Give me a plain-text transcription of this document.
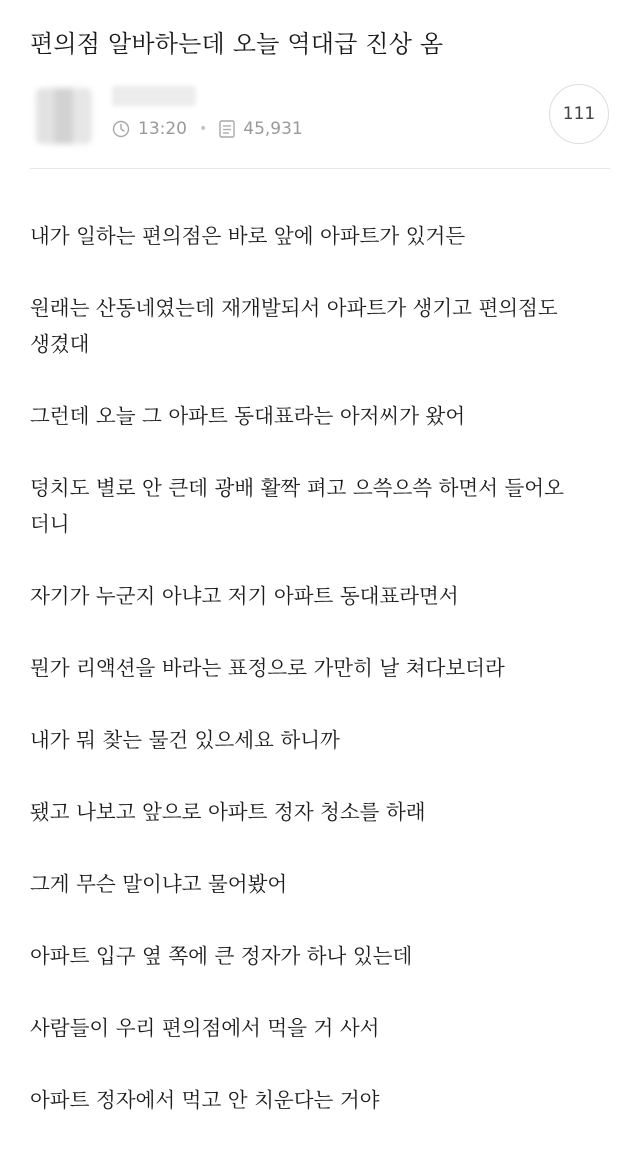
편의점 알바하는데 오늘 역대급 진상 옴
13:20 • 45,931
111

내가 일하는 편의점은 바로 앞에 아파트가 있거든

원래는 산동네였는데 재개발되서 아파트가 생기고 편의점도
생겼대

그런데 오늘 그 아파트 동대표라는 아저씨가 왔어

덩치도 별로 안 큰데 광배 활짝 펴고 으쓱으쓱 하면서 들어오
더니

자기가 누군지 아냐고 저기 아파트 동대표라면서

뭔가 리액션을 바라는 표정으로 가만히 날 쳐다보더라

내가 뭐 찾는 물건 있으세요 하니까

됐고 나보고 앞으로 아파트 정자 청소를 하래

그게 무슨 말이냐고 물어봤어

아파트 입구 옆 쪽에 큰 정자가 하나 있는데

사람들이 우리 편의점에서 먹을 거 사서

아파트 정자에서 먹고 안 치운다는 거야
